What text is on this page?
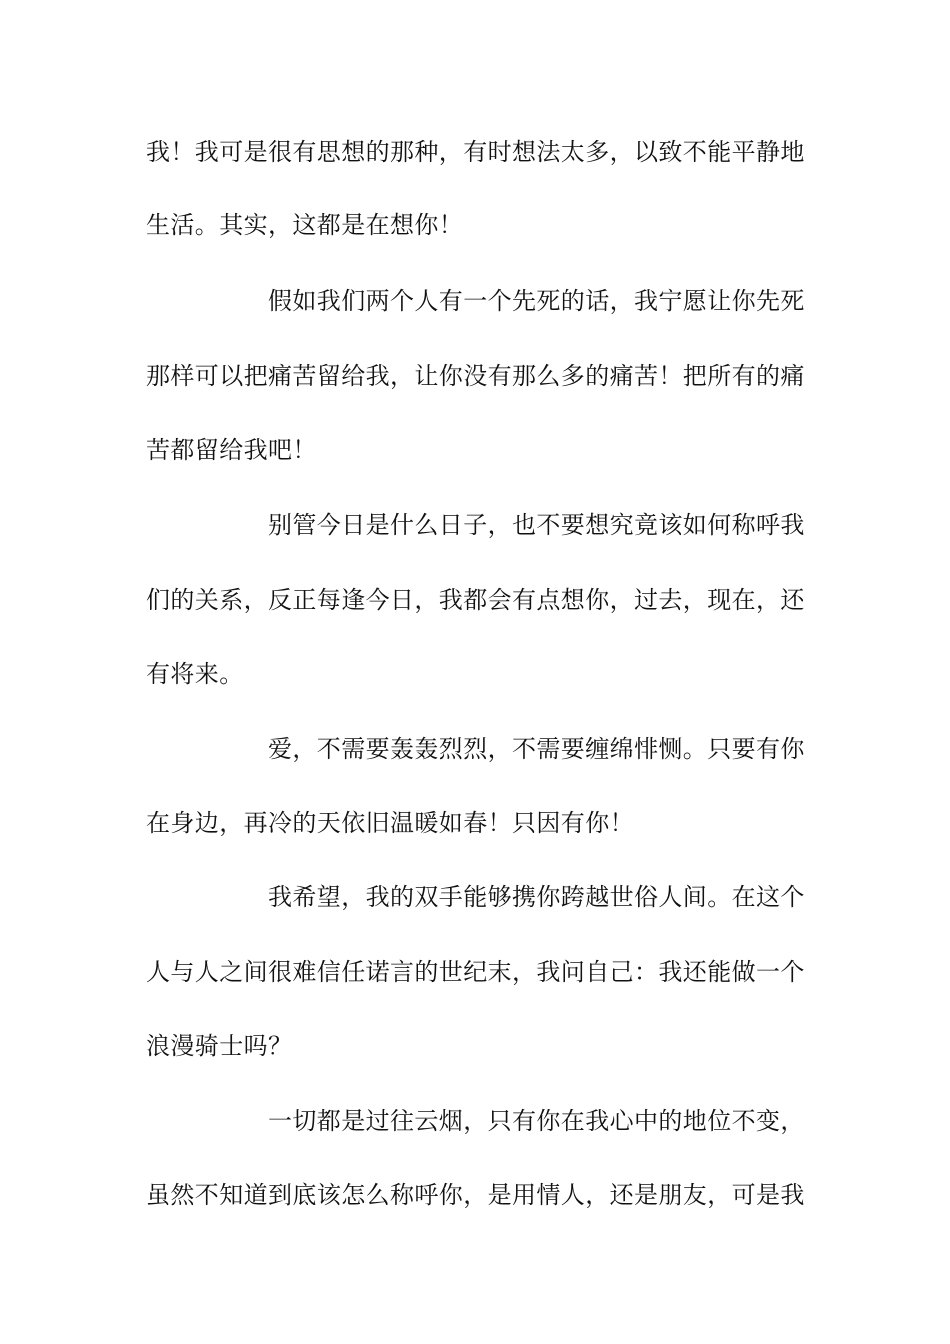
我！我可是很有思想的那种，有时想法太多，以致不能平静地
生活。其实，这都是在想你！
假如我们两个人有一个先死的话，我宁愿让你先死
那样可以把痛苦留给我，让你没有那么多的痛苦！把所有的痛
苦都留给我吧！
别管今日是什么日子，也不要想究竟该如何称呼我
们的关系，反正每逢今日，我都会有点想你，过去，现在，还
有将来。
爱，不需要轰轰烈烈，不需要缠绵悱恻。只要有你
在身边，再冷的天依旧温暖如春！只因有你！
我希望，我的双手能够携你跨越世俗人间。在这个
人与人之间很难信任诺言的世纪末，我问自己：我还能做一个
浪漫骑士吗？
一切都是过往云烟，只有你在我心中的地位不变，
虽然不知道到底该怎么称呼你，是用情人，还是朋友，可是我
